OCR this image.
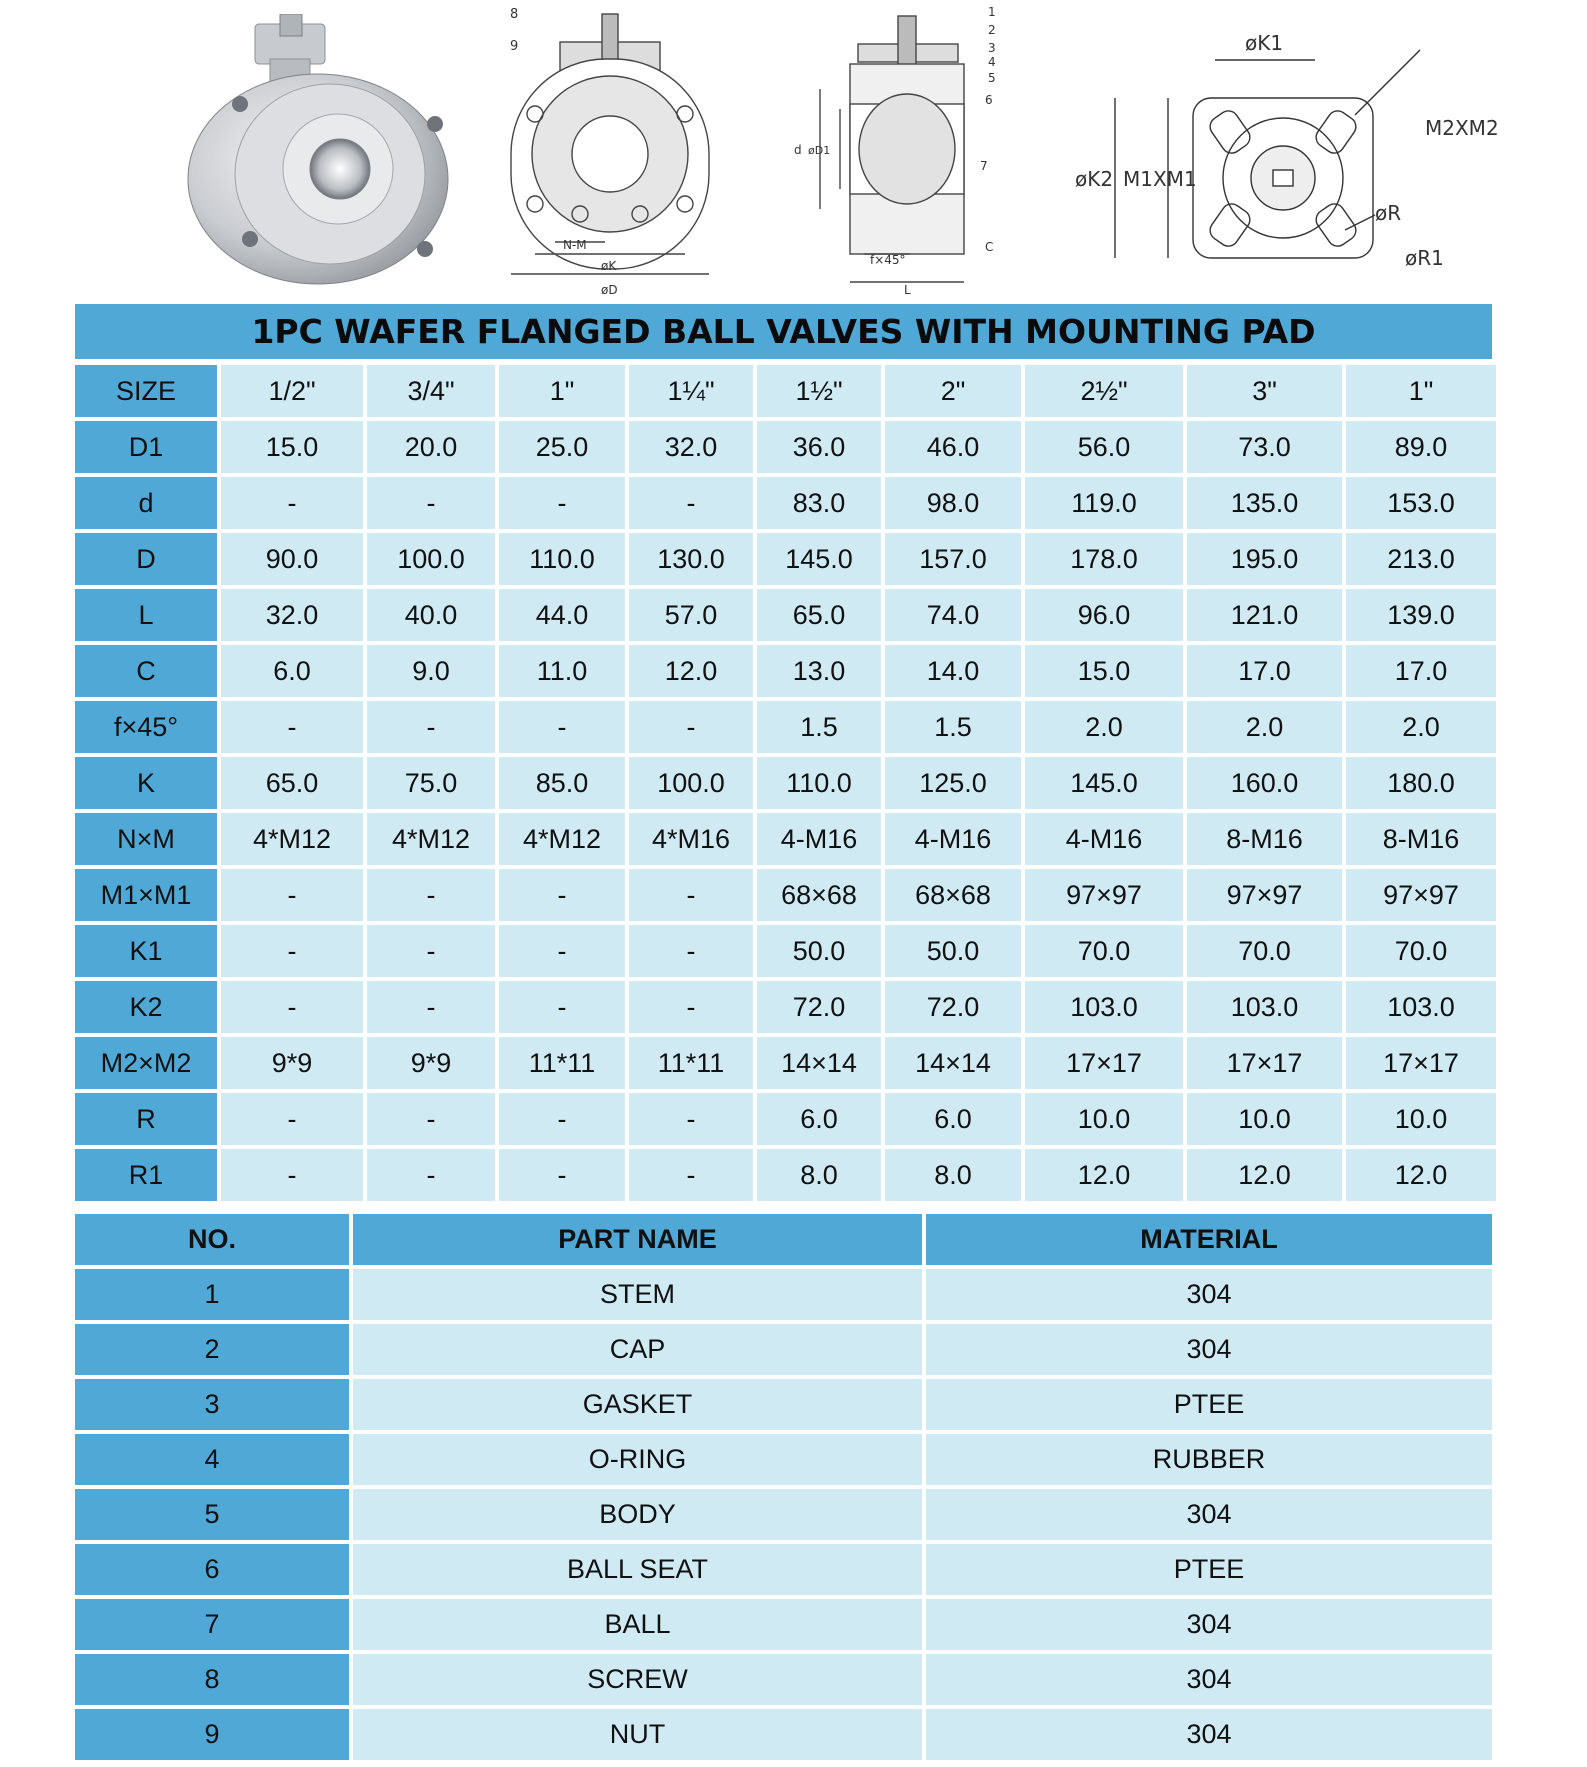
8
9
N-M
øK
øD
1
2
3
4
5
6
7
d øD1
f×45°
C
L
øK1
M2XM2
øK2 M1XM1
øR
øR1
1PC WAFER FLANGED BALL VALVES WITH MOUNTING PAD
SIZE	1/2"	3/4"	1"	1¼"	1½"	2"	2½"	3"	1"
D1	15.0	20.0	25.0	32.0	36.0	46.0	56.0	73.0	89.0
d	-	-	-	-	83.0	98.0	119.0	135.0	153.0
D	90.0	100.0	110.0	130.0	145.0	157.0	178.0	195.0	213.0
L	32.0	40.0	44.0	57.0	65.0	74.0	96.0	121.0	139.0
C	6.0	9.0	11.0	12.0	13.0	14.0	15.0	17.0	17.0
f×45°	-	-	-	-	1.5	1.5	2.0	2.0	2.0
K	65.0	75.0	85.0	100.0	110.0	125.0	145.0	160.0	180.0
N×M	4*M12	4*M12	4*M12	4*M16	4-M16	4-M16	4-M16	8-M16	8-M16
M1×M1	-	-	-	-	68×68	68×68	97×97	97×97	97×97
K1	-	-	-	-	50.0	50.0	70.0	70.0	70.0
K2	-	-	-	-	72.0	72.0	103.0	103.0	103.0
M2×M2	9*9	9*9	11*11	11*11	14×14	14×14	17×17	17×17	17×17
R	-	-	-	-	6.0	6.0	10.0	10.0	10.0
R1	-	-	-	-	8.0	8.0	12.0	12.0	12.0
NO.	PART NAME	MATERIAL
1	STEM	304
2	CAP	304
3	GASKET	PTEE
4	O-RING	RUBBER
5	BODY	304
6	BALL SEAT	PTEE
7	BALL	304
8	SCREW	304
9	NUT	304
